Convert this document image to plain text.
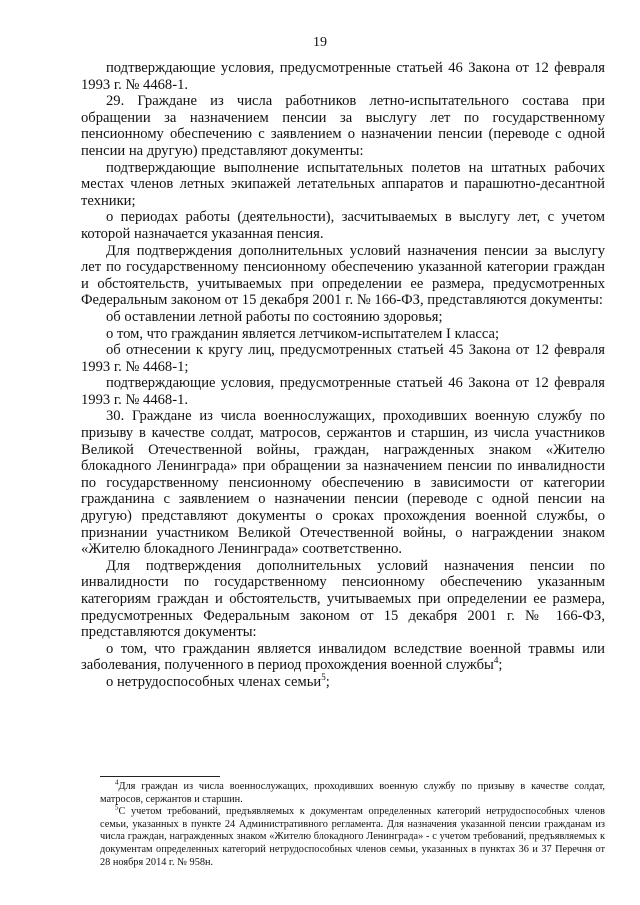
19

подтверждающие условия, предусмотренные статьей 46 Закона от 12 февраля 1993 г. № 4468-1.

29. Граждане из числа работников летно-испытательного состава при обращении за назначением пенсии за выслугу лет по государственному пенсионному обеспечению с заявлением о назначении пенсии (переводе с одной пенсии на другую) представляют документы:

подтверждающие выполнение испытательных полетов на штатных рабочих местах членов летных экипажей летательных аппаратов и парашютно-десантной техники;

о периодах работы (деятельности), засчитываемых в выслугу лет, с учетом которой назначается указанная пенсия.

Для подтверждения дополнительных условий назначения пенсии за выслугу лет по государственному пенсионному обеспечению указанной категории граждан и обстоятельств, учитываемых при определении ее размера, предусмотренных Федеральным законом от 15 декабря 2001 г. № 166-ФЗ, представляются документы:

об оставлении летной работы по состоянию здоровья;

о том, что гражданин является летчиком-испытателем I класса;

об отнесении к кругу лиц, предусмотренных статьей 45 Закона от 12 февраля 1993 г. № 4468-1;

подтверждающие условия, предусмотренные статьей 46 Закона от 12 февраля 1993 г. № 4468-1.

30. Граждане из числа военнослужащих, проходивших военную службу по призыву в качестве солдат, матросов, сержантов и старшин, из числа участников Великой Отечественной войны, граждан, награжденных знаком «Жителю блокадного Ленинграда» при обращении за назначением пенсии по инвалидности по государственному пенсионному обеспечению в зависимости от категории гражданина с заявлением о назначении пенсии (переводе с одной пенсии на другую) представляют документы о сроках прохождения военной службы, о признании участником Великой Отечественной войны, о награждении знаком «Жителю блокадного Ленинграда» соответственно.

Для подтверждения дополнительных условий назначения пенсии по инвалидности по государственному пенсионному обеспечению указанным категориям граждан и обстоятельств, учитываемых при определении ее размера, предусмотренных Федеральным законом от 15 декабря 2001 г. № 166-ФЗ, представляются документы:

о том, что гражданин является инвалидом вследствие военной травмы или заболевания, полученного в период прохождения военной службы$^4$;

о нетрудоспособных членах семьи$^5$;

$^4$Для граждан из числа военнослужащих, проходивших военную службу по призыву в качестве солдат, матросов, сержантов и старшин.

$^5$С учетом требований, предъявляемых к документам определенных категорий нетрудоспособных членов семьи, указанных в пункте 24 Административного регламента. Для назначения указанной пенсии гражданам из числа граждан, награжденных знаком «Жителю блокадного Ленинграда» - с учетом требований, предъявляемых к документам определенных категорий нетрудоспособных членов семьи, указанных в пунктах 36 и 37 Перечня от 28 ноября 2014 г. № 958н.
